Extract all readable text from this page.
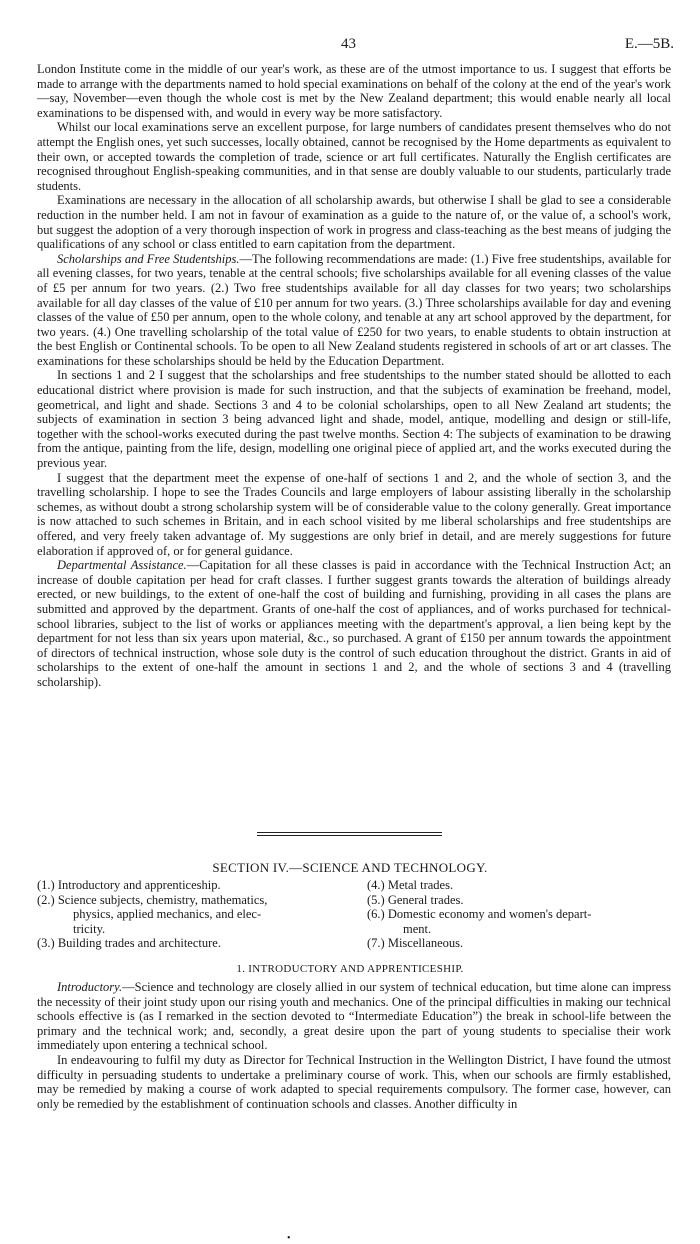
43	E.—5B.

London Institute come in the middle of our year's work, as these are of the utmost importance to us. I suggest that efforts be made to arrange with the departments named to hold special examinations on behalf of the colony at the end of the year's work—say, November—even though the whole cost is met by the New Zealand department; this would enable nearly all local examinations to be dispensed with, and would in every way be more satisfactory.

Whilst our local examinations serve an excellent purpose, for large numbers of candidates present themselves who do not attempt the English ones, yet such successes, locally obtained, cannot be recognised by the Home departments as equivalent to their own, or accepted towards the completion of trade, science or art full certificates. Naturally the English certificates are recognised throughout English-speaking communities, and in that sense are doubly valuable to our students, particularly trade students.

Examinations are necessary in the allocation of all scholarship awards, but otherwise I shall be glad to see a considerable reduction in the number held. I am not in favour of examination as a guide to the nature of, or the value of, a school's work, but suggest the adoption of a very thorough inspection of work in progress and class-teaching as the best means of judging the qualifications of any school or class entitled to earn capitation from the department.

Scholarships and Free Studentships.—The following recommendations are made: (1.) Five free studentships, available for all evening classes, for two years, tenable at the central schools; five scholarships available for all evening classes of the value of £5 per annum for two years. (2.) Two free studentships available for all day classes for two years; two scholarships available for all day classes of the value of £10 per annum for two years. (3.) Three scholarships available for day and evening classes of the value of £50 per annum, open to the whole colony, and tenable at any art school approved by the department, for two years. (4.) One travelling scholarship of the total value of £250 for two years, to enable students to obtain instruction at the best English or Continental schools. To be open to all New Zealand students registered in schools of art or art classes. The examinations for these scholarships should be held by the Education Department.

In sections 1 and 2 I suggest that the scholarships and free studentships to the number stated should be allotted to each educational district where provision is made for such instruction, and that the subjects of examination be freehand, model, geometrical, and light and shade. Sections 3 and 4 to be colonial scholarships, open to all New Zealand art students; the subjects of examination in section 3 being advanced light and shade, model, antique, modelling and design or still-life, together with the school-works executed during the past twelve months. Section 4: The subjects of examination to be drawing from the antique, painting from the life, design, modelling one original piece of applied art, and the works executed during the previous year.

I suggest that the department meet the expense of one-half of sections 1 and 2, and the whole of section 3, and the travelling scholarship. I hope to see the Trades Councils and large employers of labour assisting liberally in the scholarship schemes, as without doubt a strong scholarship system will be of considerable value to the colony generally. Great importance is now attached to such schemes in Britain, and in each school visited by me liberal scholarships and free studentships are offered, and very freely taken advantage of. My suggestions are only brief in detail, and are merely suggestions for future elaboration if approved of, or for general guidance.

Departmental Assistance.—Capitation for all these classes is paid in accordance with the Technical Instruction Act; an increase of double capitation per head for craft classes. I further suggest grants towards the alteration of buildings already erected, or new buildings, to the extent of one-half the cost of building and furnishing, providing in all cases the plans are submitted and approved by the department. Grants of one-half the cost of appliances, and of works purchased for technical-school libraries, subject to the list of works or appliances meeting with the department's approval, a lien being kept by the department for not less than six years upon material, &c., so purchased. A grant of £150 per annum towards the appointment of directors of technical instruction, whose sole duty is the control of such education throughout the district. Grants in aid of scholarships to the extent of one-half the amount in sections 1 and 2, and the whole of sections 3 and 4 (travelling scholarship).

SECTION IV.—SCIENCE AND TECHNOLOGY.
(1.) Introductory and apprenticeship.
(2.) Science subjects, chemistry, mathematics,
physics, applied mechanics, and elec-
tricity.
(3.) Building trades and architecture.
(4.) Metal trades.
(5.) General trades.
(6.) Domestic economy and women's depart-
ment.
(7.) Miscellaneous.
1. INTRODUCTORY AND APPRENTICESHIP.

Introductory.—Science and technology are closely allied in our system of technical education, but time alone can impress the necessity of their joint study upon our rising youth and mechanics. One of the principal difficulties in making our technical schools effective is (as I remarked in the section devoted to “Intermediate Education”) the break in school-life between the primary and the technical work; and, secondly, a great desire upon the part of young students to specialise their work immediately upon entering a technical school.

In endeavouring to fulfil my duty as Director for Technical Instruction in the Wellington District, I have found the utmost difficulty in persuading students to undertake a preliminary course of work. This, when our schools are firmly established, may be remedied by making a course of work adapted to special requirements compulsory. The former case, however, can only be remedied by the establishment of continuation schools and classes. Another difficulty in

•
